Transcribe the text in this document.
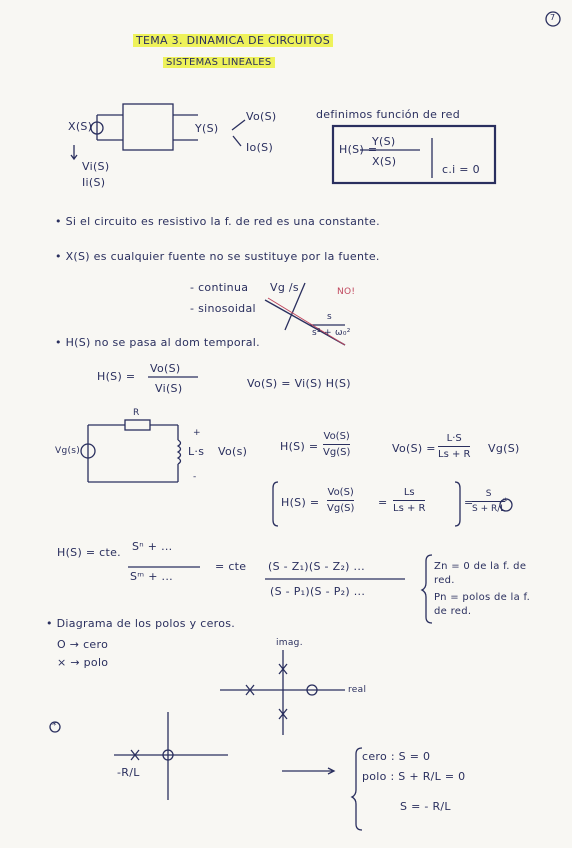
7
TEMA 3. DINAMICA DE CIRCUITOS
SISTEMAS LINEALES
X(S)	Y(S)
Vo(S)
Io(S)
Vi(S)
Ii(S)
definimos función de red
H(S) =
Y(S)
X(S)
c.i = 0
• Si el circuito es resistivo la f. de red es una constante.
• X(S) es cualquier fuente no se sustituye por la fuente.
- continua Vg /s	NO!
- sinosoidal
s
s² + ω₀²
• H(S) no se pasa al dom temporal.
H(S) =
Vo(S)
Vi(S)	Vo(S) = Vi(S) H(S)
R
Vg(s)
+
L·s Vo(s)
-
H(S) =
Vo(S)
Vg(S)	Vo(S) =
L·S
Ls + R Vg(S)
H(S) =
Vo(S)
Vg(S) =
Ls
Ls + R	=
S
S + R/L
*
H(S) = cte. Sⁿ + ...
Sᵐ + ...
= cte (S - Z₁)(S - Z₂) ...
(S - P₁)(S - P₂) ...
Zn = 0 de la f. de red.
Pn = polos de la f. de red.
• Diagrama de los polos y ceros.
O → cero
× → polo
imag.
real
*
-R/L
cero : S = 0
polo : S + R/L = 0
S = - R/L
